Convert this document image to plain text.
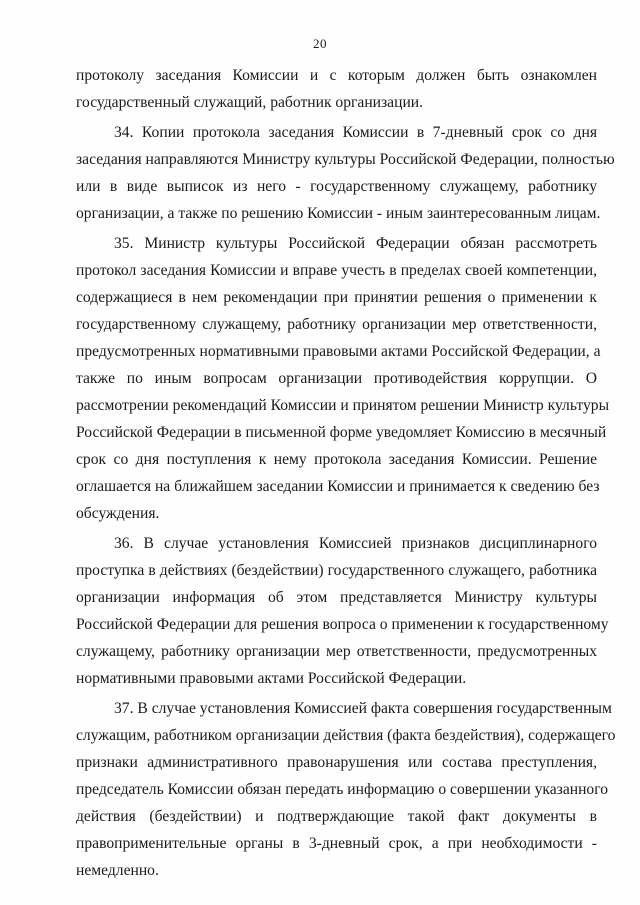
20
протоколу заседания Комиссии и с которым должен быть ознакомлен
государственный служащий, работник организации.
34. Копии протокола заседания Комиссии в 7-дневный срок со дня
заседания направляются Министру культуры Российской Федерации, полностью
или в виде выписок из него - государственному служащему, работнику
организации, а также по решению Комиссии - иным заинтересованным лицам.
35. Министр культуры Российской Федерации обязан рассмотреть
протокол заседания Комиссии и вправе учесть в пределах своей компетенции,
содержащиеся в нем рекомендации при принятии решения о применении к
государственному служащему, работнику организации мер ответственности,
предусмотренных нормативными правовыми актами Российской Федерации, а
также по иным вопросам организации противодействия коррупции. О
рассмотрении рекомендаций Комиссии и принятом решении Министр культуры
Российской Федерации в письменной форме уведомляет Комиссию в месячный
срок со дня поступления к нему протокола заседания Комиссии. Решение
оглашается на ближайшем заседании Комиссии и принимается к сведению без
обсуждения.
36. В случае установления Комиссией признаков дисциплинарного
проступка в действиях (бездействии) государственного служащего, работника
организации информация об этом представляется Министру культуры
Российской Федерации для решения вопроса о применении к государственному
служащему, работнику организации мер ответственности, предусмотренных
нормативными правовыми актами Российской Федерации.
37. В случае установления Комиссией факта совершения государственным
служащим, работником организации действия (факта бездействия), содержащего
признаки административного правонарушения или состава преступления,
председатель Комиссии обязан передать информацию о совершении указанного
действия (бездействии) и подтверждающие такой факт документы в
правоприменительные органы в 3-дневный срок, а при необходимости -
немедленно.
